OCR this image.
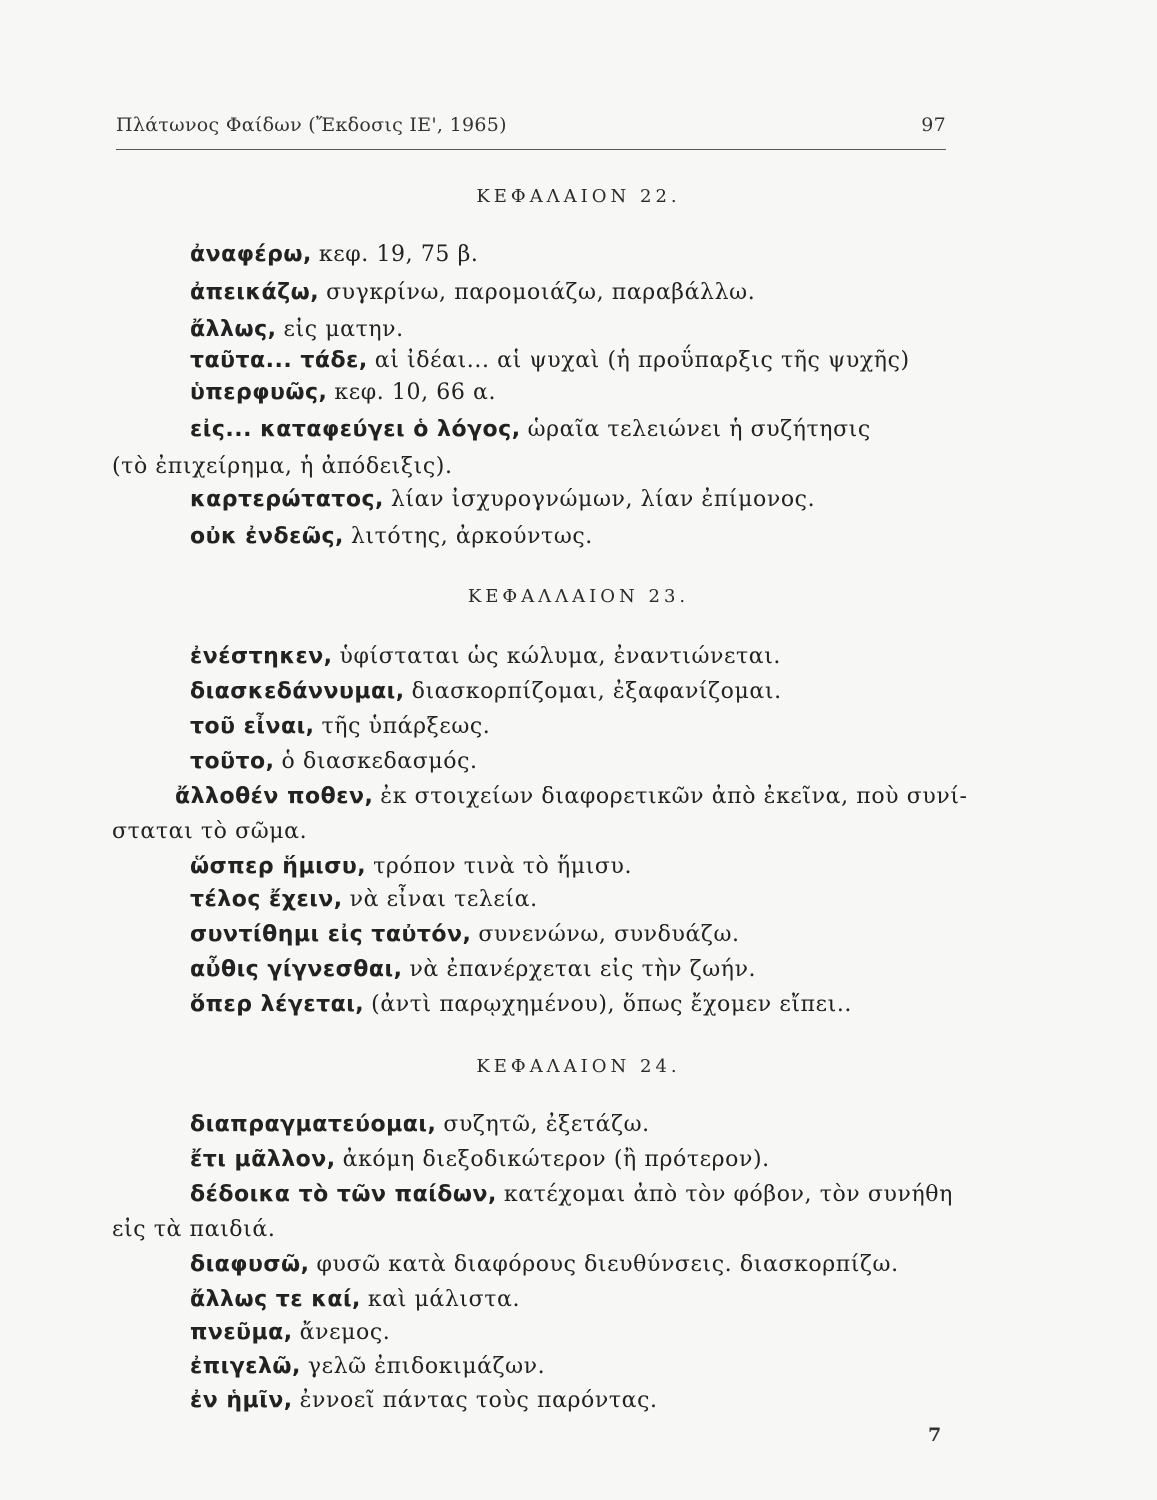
Πλάτωνος Φαίδων (Ἔκδοσις ΙΕ', 1965)	97
ΚΕΦΑΛΑΙΟΝ 22.
ἀναφέρω, κεφ. 19, 75 β.
ἀπεικάζω, συγκρίνω, παρομοιάζω, παραβάλλω.
ἄλλως, εἰς ματην.
ταῦτα... τάδε, αἱ ἰδέαι... αἱ ψυχαὶ (ἡ προΰπαρξις τῆς ψυχῆς)
ὑπερφυῶς, κεφ. 10, 66 α.
εἰς... καταφεύγει ὁ λόγος, ὡραῖα τελειώνει ἡ συζήτησις
(τὸ ἐπιχείρημα, ἡ ἀπόδειξις).
καρτερώτατος, λίαν ἰσχυρογνώμων, λίαν ἐπίμονος.
οὐκ ἐνδεῶς, λιτότης, ἀρκούντως.
ΚΕΦΑΛΛΑΙΟΝ 23.
ἐνέστηκεν, ὑφίσταται ὡς κώλυμα, ἐναντιώνεται.
διασκεδάννυμαι, διασκορπίζομαι, ἐξαφανίζομαι.
τοῦ εἶναι, τῆς ὑπάρξεως.
τοῦτο, ὁ διασκεδασμός.
ἄλλοθέν ποθεν, ἐκ στοιχείων διαφορετικῶν ἀπὸ ἐκεῖνα, ποὺ συνί-
σταται τὸ σῶμα.
ὥσπερ ἥμισυ, τρόπον τινὰ τὸ ἥμισυ.
τέλος ἔχειν, νὰ εἶναι τελεία.
συντίθημι εἰς ταὐτόν, συνενώνω, συνδυάζω.
αὖθις γίγνεσθαι, νὰ ἐπανέρχεται εἰς τὴν ζωήν.
ὅπερ λέγεται, (ἀντὶ παρῳχημένου), ὅπως ἔχομεν εἴπει..
ΚΕΦΑΛΑΙΟΝ 24.
διαπραγματεύομαι, συζητῶ, ἐξετάζω.
ἔτι μᾶλλον, ἀκόμη διεξοδικώτερον (ἢ πρότερον).
δέδοικα τὸ τῶν παίδων, κατέχομαι ἀπὸ τὸν φόβον, τὸν συνήθη
εἰς τὰ παιδιά.
διαφυσῶ, φυσῶ κατὰ διαφόρους διευθύνσεις. διασκορπίζω.
ἄλλως τε καί, καὶ μάλιστα.
πνεῦμα, ἄνεμος.
ἐπιγελῶ, γελῶ ἐπιδοκιμάζων.
ἐν ἡμῖν, ἐννοεῖ πάντας τοὺς παρόντας.
7
